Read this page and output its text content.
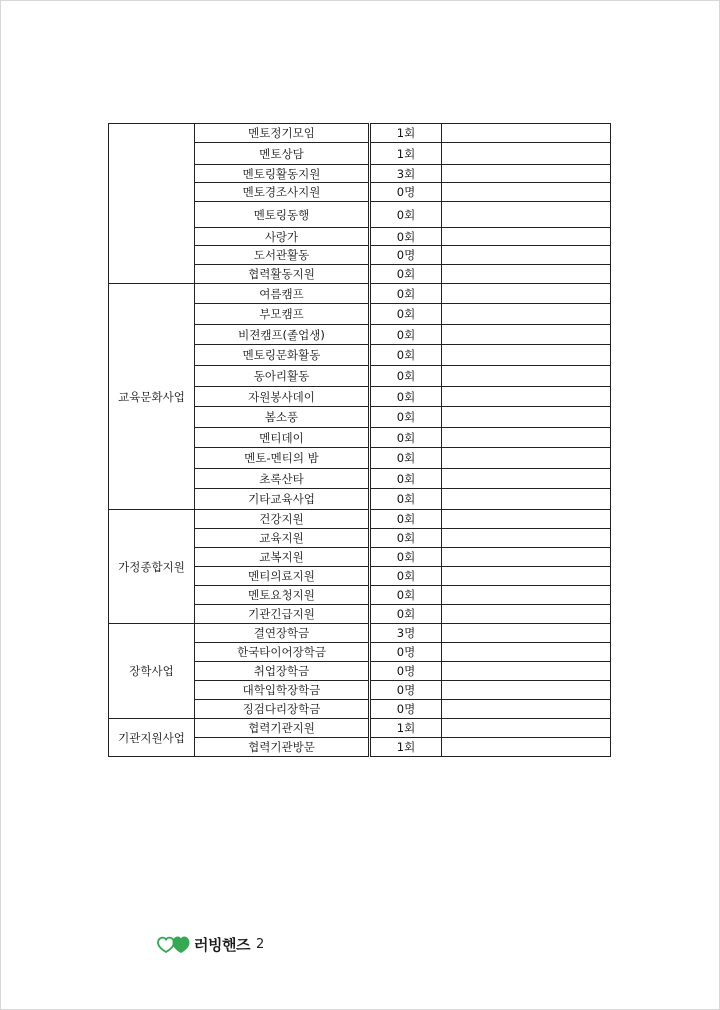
	멘토정기모임	1회	
	멘토상담	1회	
	멘토링활동지원	3회	
	멘토경조사지원	0명	
	멘토링동행	0회	
	사랑가	0회	
	도서관활동	0명	
	협력활동지원	0회	
교육문화사업	여름캠프	0회	
	부모캠프	0회	
	비젼캠프(졸업생)	0회	
	멘토링문화활동	0회	
	동아리활동	0회	
	자원봉사데이	0회	
	봄소풍	0회	
	멘티데이	0회	
	멘토-멘티의 밤	0회	
	초록산타	0회	
	기타교육사업	0회	
가정종합지원	건강지원	0회	
	교육지원	0회	
	교복지원	0회	
	멘티의료지원	0회	
	멘토요청지원	0회	
	기관긴급지원	0회	
장학사업	결연장학금	3명	
	한국타이어장학금	0명	
	취업장학금	0명	
	대학입학장학금	0명	
	징검다리장학금	0명	
기관지원사업	협력기관지원	1회	
	협력기관방문	1회	
러빙핸즈 2
